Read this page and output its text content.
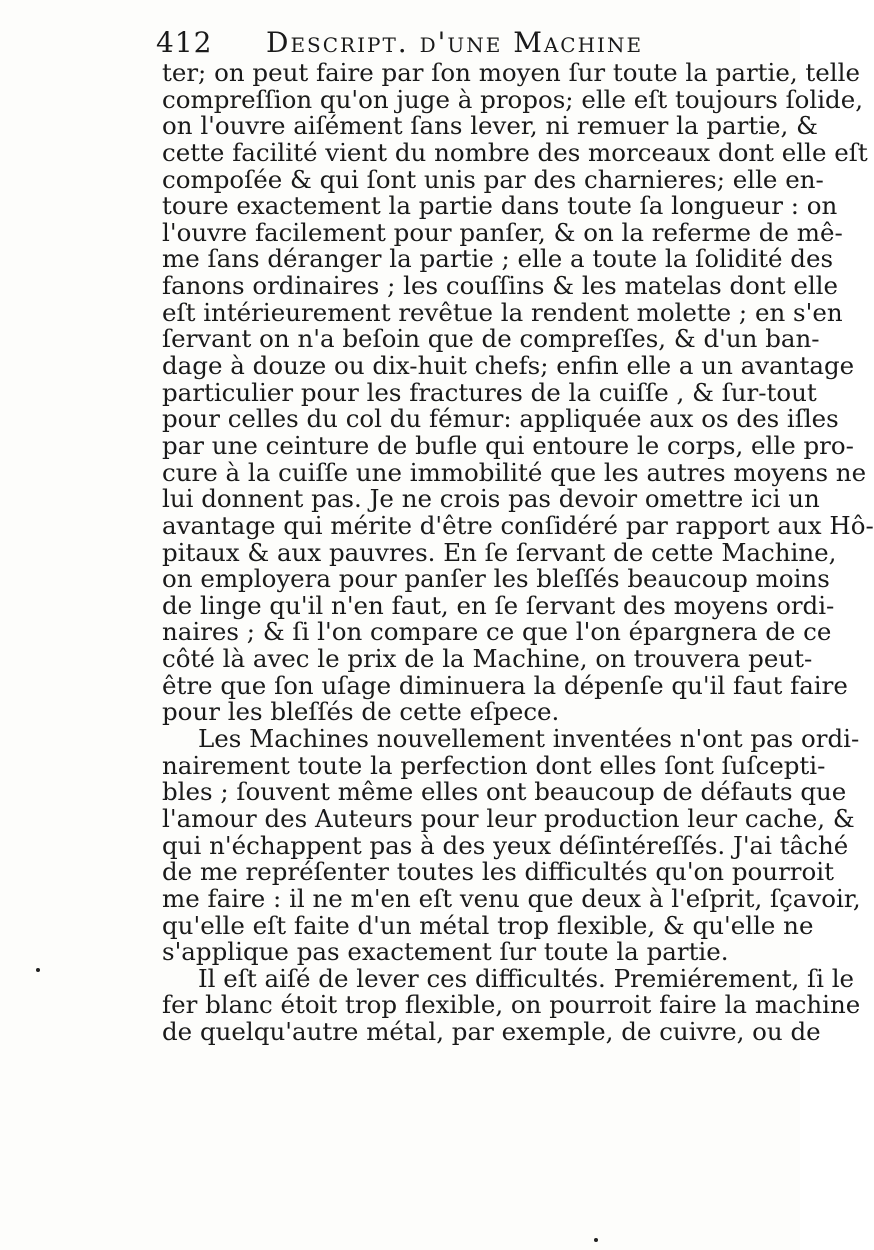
412 Descript. d'une Machine
ter; on peut faire par ſon moyen ſur toute la partie, telle
compreſſion qu'on juge à propos; elle eſt toujours ſolide,
on l'ouvre aiſément ſans lever, ni remuer la partie, &
cette facilité vient du nombre des morceaux dont elle eſt
compoſée & qui ſont unis par des charnieres; elle en-
toure exactement la partie dans toute ſa longueur : on
l'ouvre facilement pour panſer, & on la referme de mê-
me ſans déranger la partie ; elle a toute la ſolidité des
fanons ordinaires ; les couſſins & les matelas dont elle
eſt intérieurement revêtue la rendent molette ; en s'en
ſervant on n'a beſoin que de compreſſes, & d'un ban-
dage à douze ou dix-huit chefs; enfin elle a un avantage
particulier pour les fractures de la cuiſſe , & ſur-tout
pour celles du col du fémur: appliquée aux os des iſles
par une ceinture de bufle qui entoure le corps, elle pro-
cure à la cuiſſe une immobilité que les autres moyens ne
lui donnent pas. Je ne crois pas devoir omettre ici un
avantage qui mérite d'être conſidéré par rapport aux Hô-
pitaux & aux pauvres. En ſe ſervant de cette Machine,
on employera pour panſer les bleſſés beaucoup moins
de linge qu'il n'en faut, en ſe ſervant des moyens ordi-
naires ; & ſi l'on compare ce que l'on épargnera de ce
côté là avec le prix de la Machine, on trouvera peut-
être que ſon uſage diminuera la dépenſe qu'il faut faire
pour les bleſſés de cette eſpece.
Les Machines nouvellement inventées n'ont pas ordi-
nairement toute la perfection dont elles ſont ſuſcepti-
bles ; ſouvent même elles ont beaucoup de défauts que
l'amour des Auteurs pour leur production leur cache, &
qui n'échappent pas à des yeux déſintéreſſés. J'ai tâché
de me repréſenter toutes les difficultés qu'on pourroit
me faire : il ne m'en eſt venu que deux à l'eſprit, ſçavoir,
qu'elle eſt faite d'un métal trop flexible, & qu'elle ne
s'applique pas exactement ſur toute la partie.
Il eſt aiſé de lever ces difficultés. Premiérement, ſi le
fer blanc étoit trop flexible, on pourroit faire la machine
de quelqu'autre métal, par exemple, de cuivre, ou de
